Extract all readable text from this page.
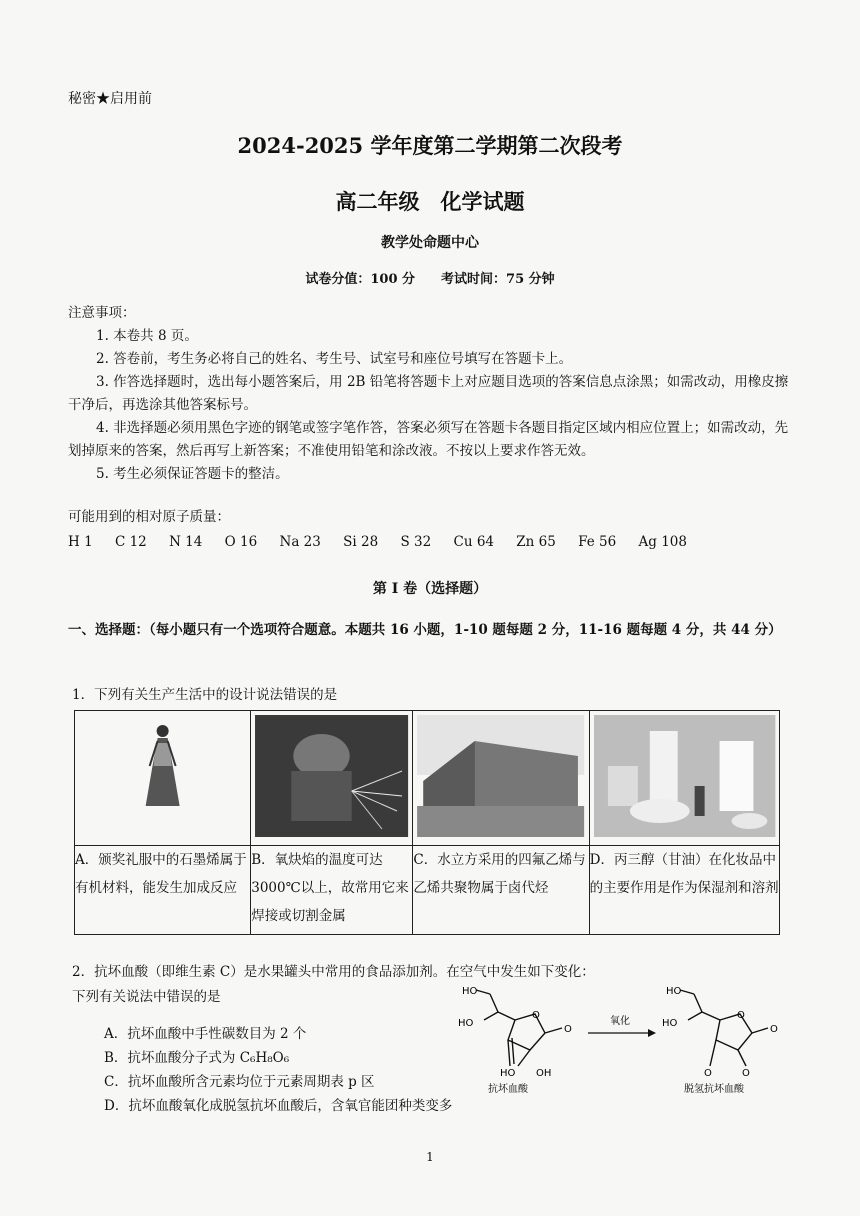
秘密★启用前
2024-2025 学年度第二学期第二次段考
高二年级　化学试题
教学处命题中心
试卷分值：100 分　　考试时间：75 分钟
注意事项：
1. 本卷共 8 页。
2. 答卷前，考生务必将自己的姓名、考生号、试室号和座位号填写在答题卡上。
3. 作答选择题时，选出每小题答案后，用 2B 铅笔将答题卡上对应题目选项的答案信息点涂黑；如需改动，用橡皮擦干净后，再选涂其他答案标号。
4. 非选择题必须用黑色字迹的钢笔或签字笔作答，答案必须写在答题卡各题目指定区域内相应位置上；如需改动，先划掉原来的答案，然后再写上新答案；不准使用铅笔和涂改液。不按以上要求作答无效。
5. 考生必须保证答题卡的整洁。
可能用到的相对原子质量：
H 1 C 12 N 14 O 16 Na 23 Si 28 S 32 Cu 64 Zn 65 Fe 56 Ag 108
第 I 卷（选择题）
一、选择题：（每小题只有一个选项符合题意。本题共 16 小题，1-10 题每题 2 分，11-16 题每题 4 分，共 44 分）
1．下列有关生产生活中的设计说法错误的是

A．颁奖礼服中的石墨烯属于有机材料，能发生加成反应	B．氧炔焰的温度可达 3000℃以上，故常用它来焊接或切割金属	C．水立方采用的四氟乙烯与乙烯共聚物属于卤代烃	D．丙三醇（甘油）在化妆品中的主要作用是作为保湿剂和溶剂
2．抗坏血酸（即维生素 C）是水果罐头中常用的食品添加剂。在空气中发生如下变化：
下列有关说法中错误的是
A．抗坏血酸中手性碳数目为 2 个
B．抗坏血酸分子式为 C₆H₈O₆
C．抗坏血酸所含元素均位于元素周期表 p 区
D．抗坏血酸氧化成脱氢抗坏血酸后，含氧官能团种类变多
HO
HO
HO OH
O
O
抗坏血酸
氧化
HO
HO
O
O
O	O
脱氢抗坏血酸
1
